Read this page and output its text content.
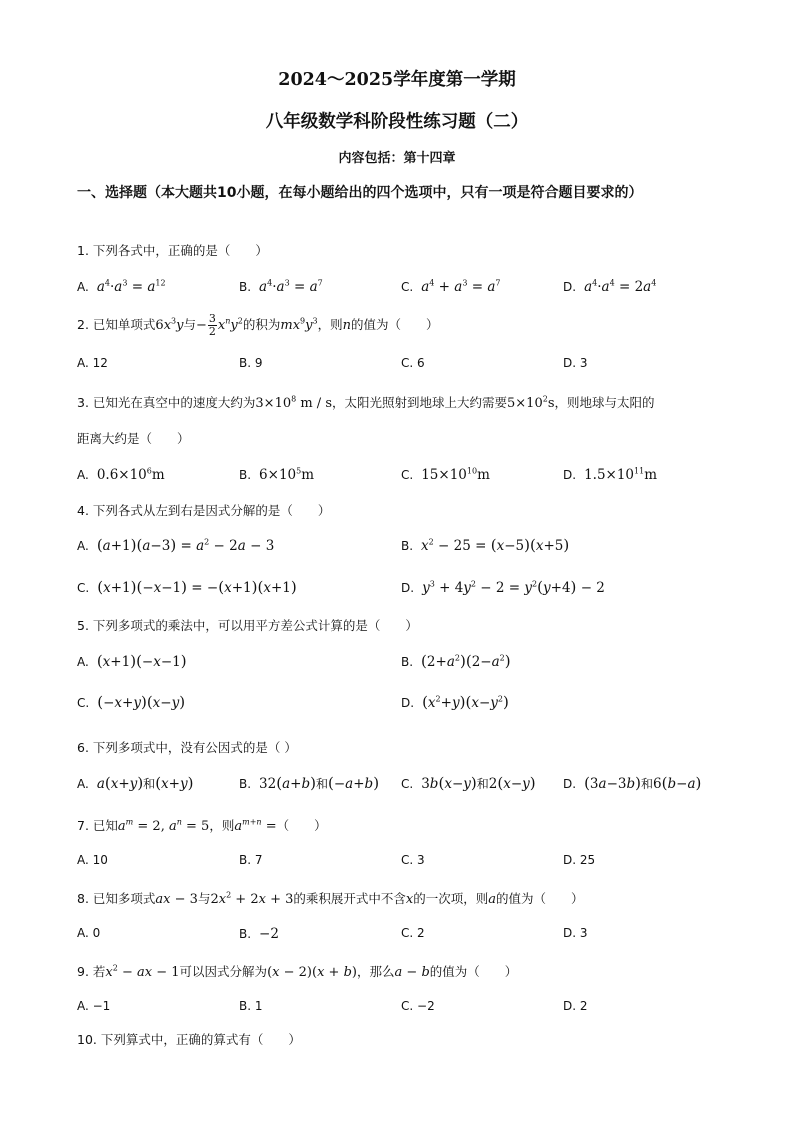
2024～2025学年度第一学期
八年级数学科阶段性练习题（二）
内容包括：第十四章
一、选择题（本大题共10小题，在每小题给出的四个选项中，只有一项是符合题目要求的）
1. 下列各式中，正确的是（　　）
A. $a^4\cdot a^3 = a^{12}$	B. $a^4\cdot a^3 = a^7$	C. $a^4 + a^3 = a^7$	D. $a^4\cdot a^4 = 2a^4$
2. 已知单项式$6x^3y$与− $\frac{3}{2} x^ny^2$的积为$mx^9y^3$，则n的值为（　　）
A. 12	B. 9	C. 6	D. 3
3. 已知光在真空中的速度大约为$3\times 10^8$ m / s，太阳光照射到地球上大约需要$5\times 10^2s$，则地球与太阳的
距离大约是（　　）
A. $0.6\times 10^6m$	B. $6\times 10^5m$	C. $15\times 10^{10}m$	D. $1.5\times 10^{11}m$
4. 下列各式从左到右是因式分解的是（　　）
A. $(a+1)(a-3) = a^2 - 2a - 3$	B. $x^2 - 25 = (x-5)(x+5)$
C. (x+1)(−x−1) = −(x+1)(x+1)	D. $y^3 + 4y^2 - 2 = y^2(y+4) - 2$
5. 下列多项式的乘法中，可以用平方差公式计算的是（　　）
A. (x+1)(−x−1)	B. $(2+a^2)(2-a^2)$
C. (−x+y)(x−y)	D. $(x^2+y)(x-y^2)$
6. 下列多项式中，没有公因式的是（ ）
A. a(x+y)和(x+y)	B. 32(a+b)和(−a+b) C. 3b(x−y)和2(x−y) D. (3a−3b)和6(b−a)
7. 已知$a^m = 2$, $a^n = 5$，则$a^{m+n}$ =（　　）
A. 10	B. 7	C. 3	D. 25
8. 已知多项式ax − 3与$2x^2 + 2x + 3$的乘积展开式中不含x的一次项，则a的值为（　　）
A. 0	B. −2	C. 2	D. 3
9. 若$x^2$ − ax − 1可以因式分解为(x − 2)(x + b)，那么a − b的值为（　　）
A. −1	B. 1	C. −2	D. 2
10. 下列算式中，正确的算式有（　　）
